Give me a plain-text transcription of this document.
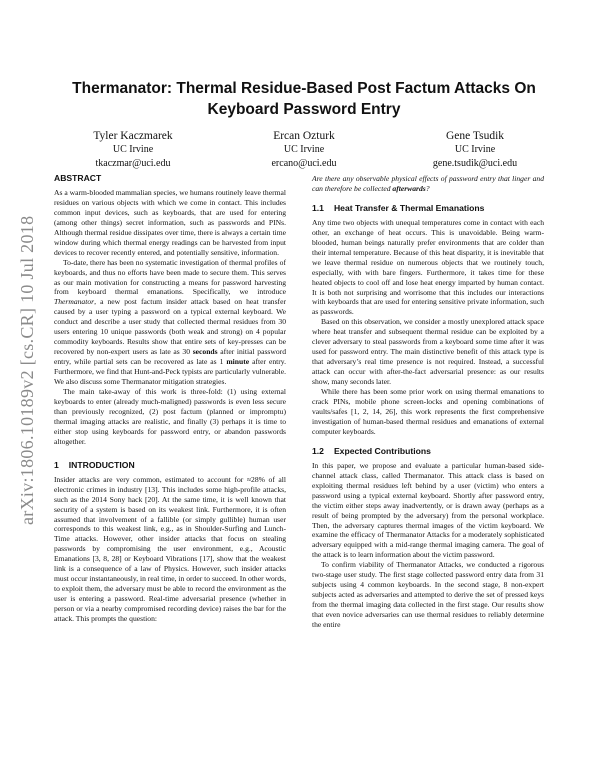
arXiv:1806.10189v2 [cs.CR] 10 Jul 2018
Thermanator: Thermal Residue-Based Post Factum Attacks On
Keyboard Password Entry
Tyler Kaczmarek
UC Irvine
tkaczmar@uci.edu
Ercan Ozturk
UC Irvine
ercano@uci.edu
Gene Tsudik
UC Irvine
gene.tsudik@uci.edu
ABSTRACT

As a warm-blooded mammalian species, we humans routinely leave thermal residues on various objects with which we come in contact. This includes common input devices, such as keyboards, that are used for entering (among other things) secret information, such as passwords and PINs. Although thermal residue dissipates over time, there is always a certain time window during which thermal energy readings can be harvested from input devices to recover recently entered, and potentially sensitive, information.

To-date, there has been no systematic investigation of thermal profiles of keyboards, and thus no efforts have been made to secure them. This serves as our main motivation for constructing a means for password harvesting from keyboard thermal emanations. Specifically, we introduce Thermanator, a new post factum insider attack based on heat transfer caused by a user typing a password on a typical external keyboard. We conduct and describe a user study that collected thermal residues from 30 users entering 10 unique passwords (both weak and strong) on 4 popular commodity keyboards. Results show that entire sets of key-presses can be recovered by non-expert users as late as 30 seconds after initial password entry, while partial sets can be recovered as late as 1 minute after entry. Furthermore, we find that Hunt-and-Peck typists are particularly vulnerable. We also discuss some Thermanator mitigation strategies.

The main take-away of this work is three-fold: (1) using external keyboards to enter (already much-maligned) passwords is even less secure than previously recognized, (2) post factum (planned or impromptu) thermal imaging attacks are realistic, and finally (3) perhaps it is time to either stop using keyboards for password entry, or abandon passwords altogether.

1 INTRODUCTION

Insider attacks are very common, estimated to account for ≈28% of all electronic crimes in industry [13]. This includes some high-profile attacks, such as the 2014 Sony hack [20]. At the same time, it is well known that security of a system is based on its weakest link. Furthermore, it is often assumed that involvement of a fallible (or simply gullible) human user corresponds to this weakest link, e.g., as in Shoulder-Surfing and Lunch-Time attacks. However, other insider attacks that focus on stealing passwords by compromising the user environment, e.g., Acoustic Emanations [3, 8, 28] or Keyboard Vibrations [17], show that the weakest link is a consequence of a law of Physics. However, such insider attacks must occur instantaneously, in real time, in order to succeed. In other words, to exploit them, the adversary must be able to record the environment as the user is entering a password. Real-time adversarial presence (whether in person or via a nearby compromised recording device) raises the bar for the attack. This prompts the question:

Are there any observable physical effects of password entry that linger and can therefore be collected afterwards?

1.1 Heat Transfer & Thermal Emanations

Any time two objects with unequal temperatures come in contact with each other, an exchange of heat occurs. This is unavoidable. Being warm-blooded, human beings naturally prefer environments that are colder than their internal temperature. Because of this heat disparity, it is inevitable that we leave thermal residue on numerous objects that we routinely touch, especially, with with bare fingers. Furthermore, it takes time for these heated objects to cool off and lose heat energy imparted by human contact. It is both not surprising and worrisome that this includes our interactions with keyboards that are used for entering sensitive private information, such as passwords.

Based on this observation, we consider a mostly unexplored attack space where heat transfer and subsequent thermal residue can be exploited by a clever adversary to steal passwords from a keyboard some time after it was used for password entry. The main distinctive benefit of this attack type is that adversary’s real time presence is not required. Instead, a successful attack can occur with after-the-fact adversarial presence: as our results show, many seconds later.

While there has been some prior work on using thermal emanations to crack PINs, mobile phone screen-locks and opening combinations of vaults/safes [1, 2, 14, 26], this work represents the first comprehensive investigation of human-based thermal residues and emanations of external computer keyboards.

1.2 Expected Contributions

In this paper, we propose and evaluate a particular human-based side-channel attack class, called Thermanator. This attack class is based on exploiting thermal residues left behind by a user (victim) who enters a password using a typical external keyboard. Shortly after password entry, the victim either steps away inadvertently, or is drawn away (perhaps as a result of being prompted by the adversary) from the personal workplace. Then, the adversary captures thermal images of the victim keyboard. We examine the efficacy of Thermanator Attacks for a moderately sophisticated adversary equipped with a mid-range thermal imaging camera. The goal of the attack is to learn information about the victim password.

To confirm viability of Thermanator Attacks, we conducted a rigorous two-stage user study. The first stage collected password entry data from 31 subjects using 4 common keyboards. In the second stage, 8 non-expert subjects acted as adversaries and attempted to derive the set of pressed keys from the thermal imaging data collected in the first stage. Our results show that even novice adversaries can use thermal residues to reliably determine the entire
